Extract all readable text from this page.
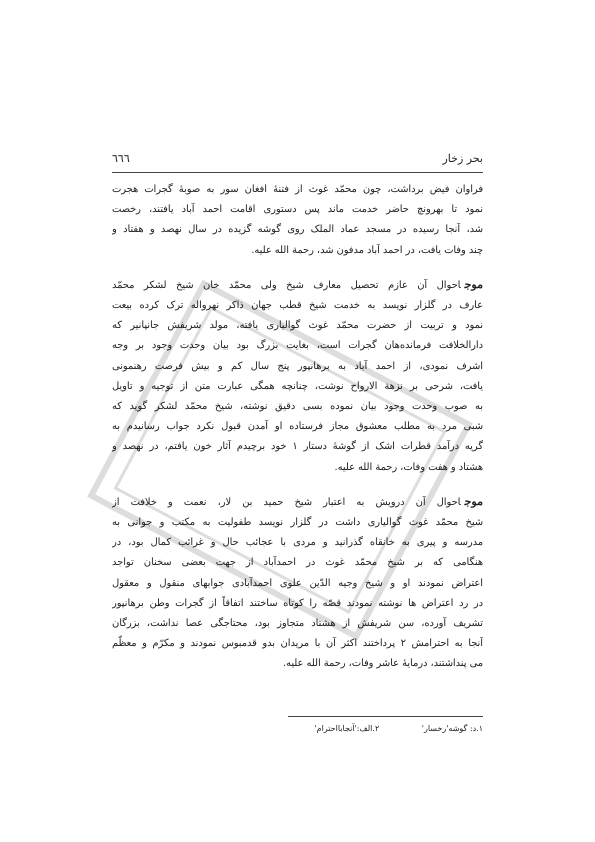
بحر زخار
٦٦٦

فراوان فیض برداشت، چون محمّد غوث از فتنهٔ افغان سور به صوبهٔ گجرات هجرت
نمود تا بهرونچ حاضر خدمت ماند پس دستوری اقامت احمد آباد یافتند، رخصت
شد، آنجا رسیده در مسجد عماد الملک روی گوشه گزیده در سال نهصد و هفتاد و
چند وفات یافت، در احمد آباد مدفون شد، رحمة الله علیه.

موجاحوال آن عازم تحصیل معارف شیخ ولی محمّد خان شیخ لشکر محمّد
عارف در گلزار نویسد به خدمت شیخ قطب جهان ذاکر نهرواله ترک کرده بیعت
نمود و تربیت از حضرت محمّد غوث گوالیاری یافته، مولد شریفش جانپانیر که
دارالخلافت فرمانده‌هان گجرات است، بغایت بزرگ بود بیان وحدت وجود بر وجه
اشرف نمودی، از احمد آباد به برهانپور پنج سال کم و بیش فرصت رهنمونی
یافت، شرحی بر نزهة الارواح نوشت، چنانچه همگی عبارت متن از توجیه و تاویل
به صوب وحدت وجود بیان نموده بسی دقیق نوشته، شیخ محمّد لشکر گوید که
شبی مرد به مطلب معشوق مجاز فرستاده او آمدن قبول نکرد جواب رسانیدم به
گریه درآمد قطرات اشک از گوشهٔ دستار ١ خود برچیدم آثار خون یافتم، در نهصد و
هشتاد و هفت وفات، رحمة الله علیه.

موجاحوال آن درویش به اعتبار شیخ حمید بن لار، نعمت و خلافت از
شیخ محمّد غوث گوالیاری داشت در گلزار نویسد طفولیت به مکتب و جوانی به
مدرسه و پیری به خانقاه گذرانید و مردی با عجائب حال و غرائب کمال بود، در
هنگامی که بر شیخ محمّد غوث در احمدآباد از جهت بعضی سخنان تواجد
اعتراض نمودند او و شیخ وجیه الدّین علوی احمدآبادی جوابهای منقول و معقول
در رد اعتراض ها نوشته نمودند قصّه را کوتاه ساختند اتفاقاً از گجرات وطن برهانپور
تشریف آورده، سن شریفش از هشتاد متجاوز بود، محتاجگی عصا نداشت، بزرگان
آنجا به احترامش ٢ پرداختند اکثر آن با مریدان بدو قدمبوس نمودند و مکرّم و معظّم
می پنداشتند، درمایهٔ عاشر وفات، رحمة الله علیه.

١.د: گوشه'رخسار' ٢.الف:'آنجابااحترام'
